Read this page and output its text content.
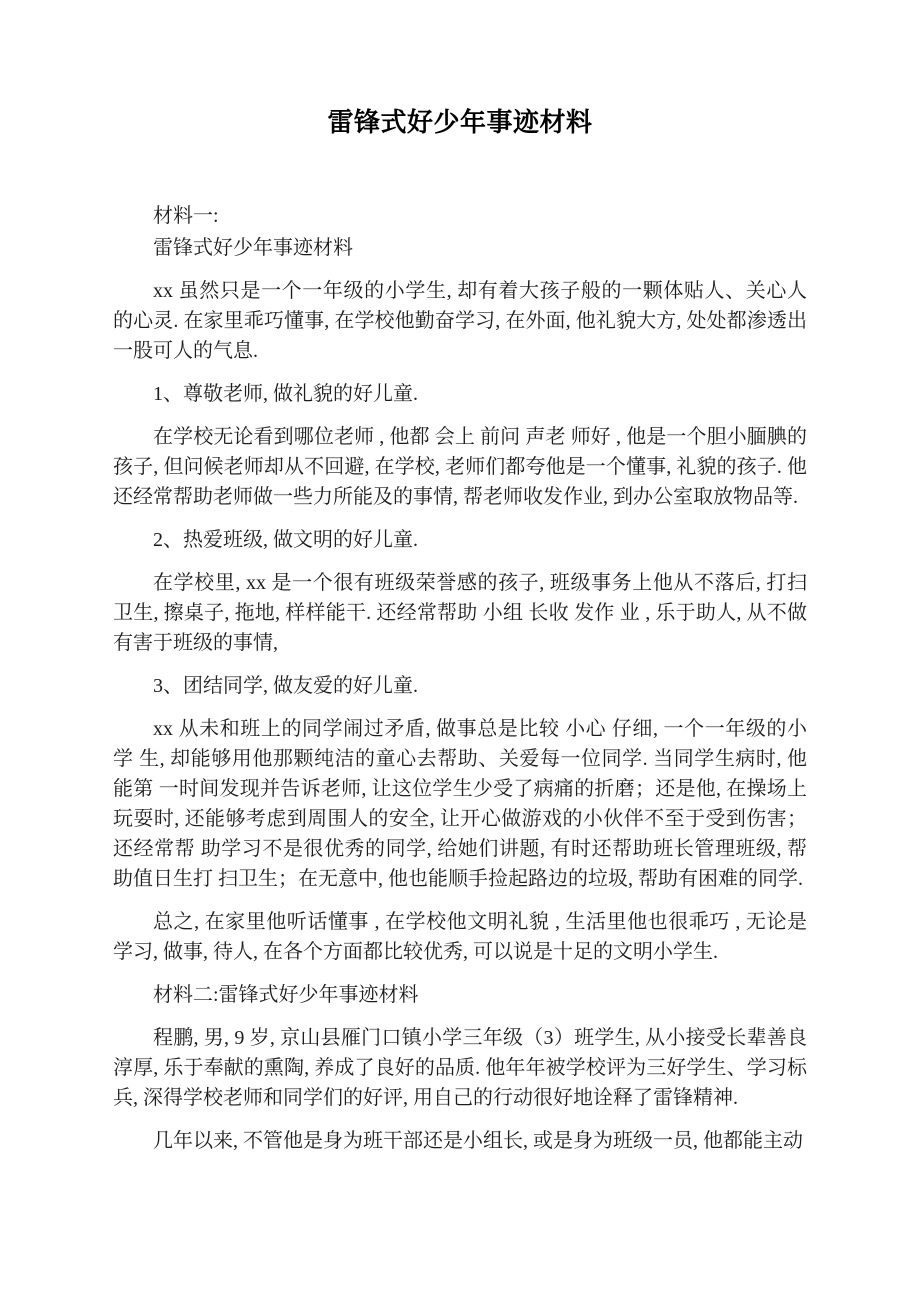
雷锋式好少年事迹材料

材料一:

雷锋式好少年事迹材料

xx 虽然只是一个一年级的小学生, 却有着大孩子般的一颗体贴人、关心人的心灵. 在家里乖巧懂事, 在学校他勤奋学习, 在外面, 他礼貌大方, 处处都渗透出一股可人的气息.

1、尊敬老师, 做礼貌的好儿童.

在学校无论看到哪位老师 , 他都 会上 前问 声老 师好 , 他是一个胆小腼腆的孩子, 但问候老师却从不回避, 在学校, 老师们都夸他是一个懂事, 礼貌的孩子. 他还经常帮助老师做一些力所能及的事情, 帮老师收发作业, 到办公室取放物品等.

2、热爱班级, 做文明的好儿童.

在学校里, xx 是一个很有班级荣誉感的孩子, 班级事务上他从不落后, 打扫卫生, 擦桌子, 拖地, 样样能干. 还经常帮助 小组 长收 发作 业 , 乐于助人, 从不做有害于班级的事情,

3、团结同学, 做友爱的好儿童.

xx 从未和班上的同学闹过矛盾, 做事总是比较 小心 仔细, 一个一年级的小学 生, 却能够用他那颗纯洁的童心去帮助、关爱每一位同学. 当同学生病时, 他能第 一时间发现并告诉老师, 让这位学生少受了病痛的折磨；还是他, 在操场上玩耍时, 还能够考虑到周围人的安全, 让开心做游戏的小伙伴不至于受到伤害；还经常帮 助学习不是很优秀的同学, 给她们讲题, 有时还帮助班长管理班级, 帮助值日生打 扫卫生；在无意中, 他也能顺手捡起路边的垃圾, 帮助有困难的同学.

总之, 在家里他听话懂事 , 在学校他文明礼貌 , 生活里他也很乖巧 , 无论是学习, 做事, 待人, 在各个方面都比较优秀, 可以说是十足的文明小学生.

材料二:雷锋式好少年事迹材料

程鹏, 男, 9 岁, 京山县雁门口镇小学三年级（3）班学生, 从小接受长辈善良淳厚, 乐于奉献的熏陶, 养成了良好的品质. 他年年被学校评为三好学生、学习标兵, 深得学校老师和同学们的好评, 用自己的行动很好地诠释了雷锋精神.

几年以来, 不管他是身为班干部还是小组长, 或是身为班级一员, 他都能主动
